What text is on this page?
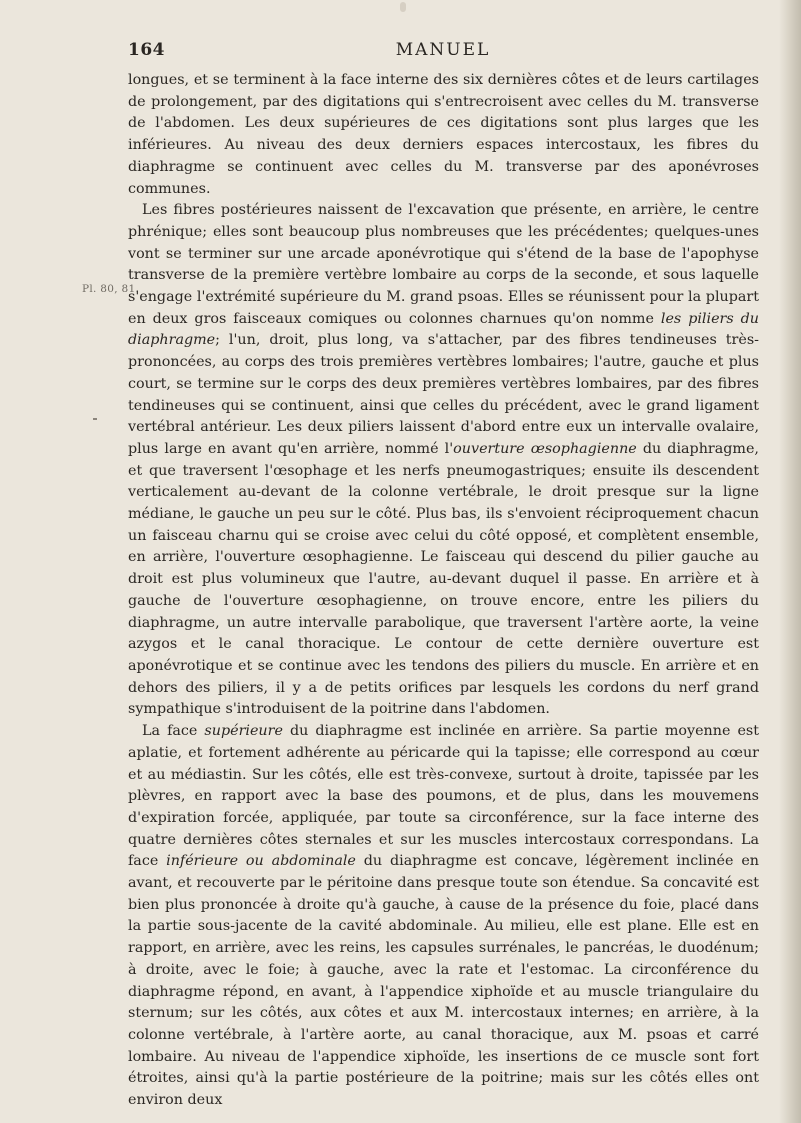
164	MANUEL
Pl. 80, 81.

longues, et se terminent à la face interne des six dernières côtes et de leurs cartilages de prolongement, par des digitations qui s'entrecroisent avec celles du M. transverse de l'abdomen. Les deux supérieures de ces digitations sont plus larges que les inférieures. Au niveau des deux derniers espaces intercostaux, les fibres du diaphragme se continuent avec celles du M. transverse par des aponévroses communes.

Les fibres postérieures naissent de l'excavation que présente, en arrière, le centre phrénique; elles sont beaucoup plus nombreuses que les précédentes; quelques-unes vont se terminer sur une arcade aponévrotique qui s'étend de la base de l'apophyse transverse de la première vertèbre lombaire au corps de la seconde, et sous laquelle s'engage l'extrémité supérieure du M. grand psoas. Elles se réunissent pour la plupart en deux gros faisceaux comiques ou colonnes charnues qu'on nomme les piliers du diaphragme; l'un, droit, plus long, va s'attacher, par des fibres tendineuses très-prononcées, au corps des trois premières vertèbres lombaires; l'autre, gauche et plus court, se termine sur le corps des deux premières vertèbres lombaires, par des fibres tendineuses qui se continuent, ainsi que celles du précédent, avec le grand ligament vertébral antérieur. Les deux piliers laissent d'abord entre eux un intervalle ovalaire, plus large en avant qu'en arrière, nommé l'ouverture œsophagienne du diaphragme, et que traversent l'œsophage et les nerfs pneumogastriques; ensuite ils descendent verticalement au-devant de la colonne vertébrale, le droit presque sur la ligne médiane, le gauche un peu sur le côté. Plus bas, ils s'envoient réciproquement chacun un faisceau charnu qui se croise avec celui du côté opposé, et complètent ensemble, en arrière, l'ouverture œsophagienne. Le faisceau qui descend du pilier gauche au droit est plus volumineux que l'autre, au-devant duquel il passe. En arrière et à gauche de l'ouverture œsophagienne, on trouve encore, entre les piliers du diaphragme, un autre intervalle parabolique, que traversent l'artère aorte, la veine azygos et le canal thoracique. Le contour de cette dernière ouverture est aponévrotique et se continue avec les tendons des piliers du muscle. En arrière et en dehors des piliers, il y a de petits orifices par lesquels les cordons du nerf grand sympathique s'introduisent de la poitrine dans l'abdomen.

La face supérieure du diaphragme est inclinée en arrière. Sa partie moyenne est aplatie, et fortement adhérente au péricarde qui la tapisse; elle correspond au cœur et au médiastin. Sur les côtés, elle est très-convexe, surtout à droite, tapissée par les plèvres, en rapport avec la base des poumons, et de plus, dans les mouvemens d'expiration forcée, appliquée, par toute sa circonférence, sur la face interne des quatre dernières côtes sternales et sur les muscles intercostaux correspondans. La face inférieure ou abdominale du diaphragme est concave, légèrement inclinée en avant, et recouverte par le péritoine dans presque toute son étendue. Sa concavité est bien plus prononcée à droite qu'à gauche, à cause de la présence du foie, placé dans la partie sous-jacente de la cavité abdominale. Au milieu, elle est plane. Elle est en rapport, en arrière, avec les reins, les capsules surrénales, le pancréas, le duodénum; à droite, avec le foie; à gauche, avec la rate et l'estomac. La circonférence du diaphragme répond, en avant, à l'appendice xiphoïde et au muscle triangulaire du sternum; sur les côtés, aux côtes et aux M. intercostaux internes; en arrière, à la colonne vertébrale, à l'artère aorte, au canal thoracique, aux M. psoas et carré lombaire. Au niveau de l'appendice xiphoïde, les insertions de ce muscle sont fort étroites, ainsi qu'à la partie postérieure de la poitrine; mais sur les côtés elles ont environ deux
